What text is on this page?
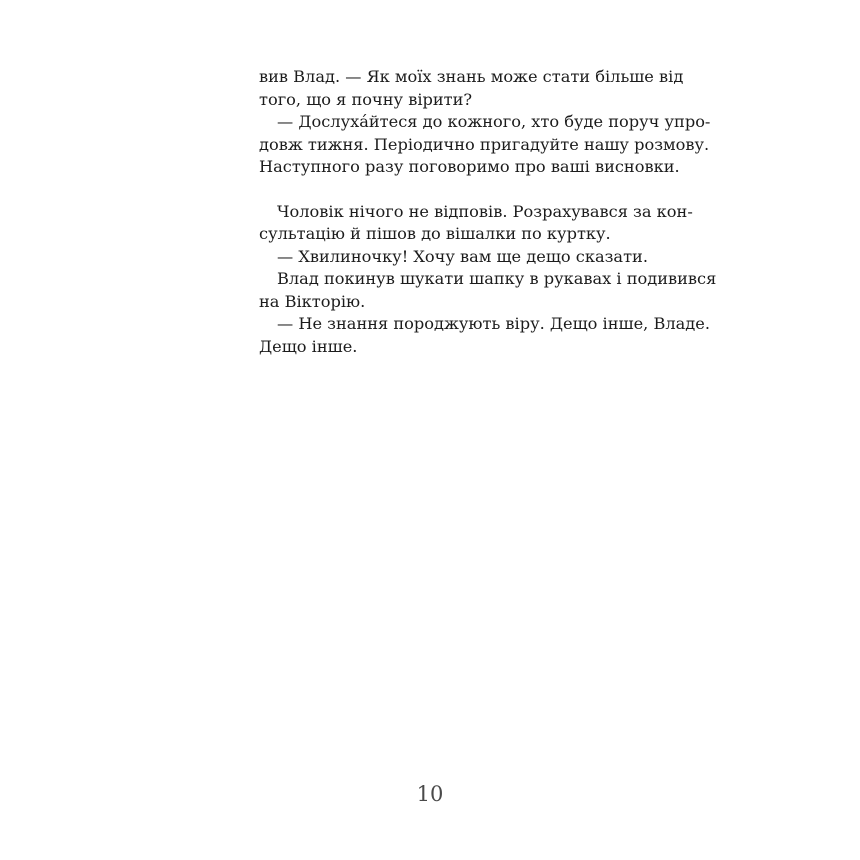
вив Влад. — Як моїх знань може стати більше від
того, що я почну вірити?
— Дослуха́йтеся до кожного, хто буде поруч упро-
довж тижня. Періодично пригадуйте нашу розмову.
Наступного разу поговоримо про ваші висновки.
Чоловік нічого не відповів. Розрахувався за кон-
сультацію й пішов до вішалки по куртку.
— Хвилиночку! Хочу вам ще дещо сказати.
Влад покинув шукати шапку в рукавах і подивився
на Вікторію.
— Не знання породжують віру. Дещо інше, Владе.
Дещо інше.
10
